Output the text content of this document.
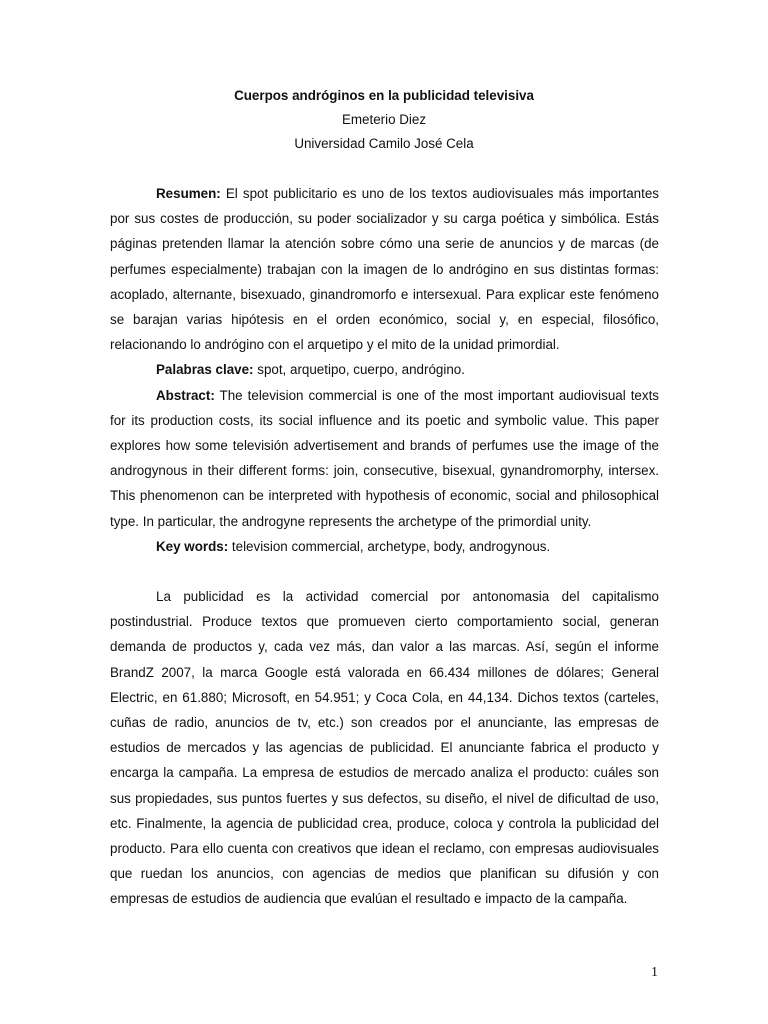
Cuerpos andróginos en la publicidad televisiva
Emeterio Diez
Universidad Camilo José Cela

Resumen: El spot publicitario es uno de los textos audiovisuales más importantes por sus costes de producción, su poder socializador y su carga poética y simbólica. Estás páginas pretenden llamar la atención sobre cómo una serie de anuncios y de marcas (de perfumes especialmente) trabajan con la imagen de lo andrógino en sus distintas formas: acoplado, alternante, bisexuado, ginandromorfo e intersexual. Para explicar este fenómeno se barajan varias hipótesis en el orden económico, social y, en especial, filosófico, relacionando lo andrógino con el arquetipo y el mito de la unidad primordial.

Palabras clave: spot, arquetipo, cuerpo, andrógino.

Abstract: The television commercial is one of the most important audiovisual texts for its production costs, its social influence and its poetic and symbolic value. This paper explores how some televisión advertisement and brands of perfumes use the image of the androgynous in their different forms: join, consecutive, bisexual, gynandromorphy, intersex. This phenomenon can be interpreted with hypothesis of economic, social and philosophical type. In particular, the androgyne represents the archetype of the primordial unity.

Key words: television commercial, archetype, body, androgynous.

La publicidad es la actividad comercial por antonomasia del capitalismo postindustrial. Produce textos que promueven cierto comportamiento social, generan demanda de productos y, cada vez más, dan valor a las marcas. Así, según el informe BrandZ 2007, la marca Google está valorada en 66.434 millones de dólares; General Electric, en 61.880; Microsoft, en 54.951; y Coca Cola, en 44,134. Dichos textos (carteles, cuñas de radio, anuncios de tv, etc.) son creados por el anunciante, las empresas de estudios de mercados y las agencias de publicidad. El anunciante fabrica el producto y encarga la campaña. La empresa de estudios de mercado analiza el producto: cuáles son sus propiedades, sus puntos fuertes y sus defectos, su diseño, el nivel de dificultad de uso, etc. Finalmente, la agencia de publicidad crea, produce, coloca y controla la publicidad del producto. Para ello cuenta con creativos que idean el reclamo, con empresas audiovisuales que ruedan los anuncios, con agencias de medios que planifican su difusión y con empresas de estudios de audiencia que evalúan el resultado e impacto de la campaña.

1
